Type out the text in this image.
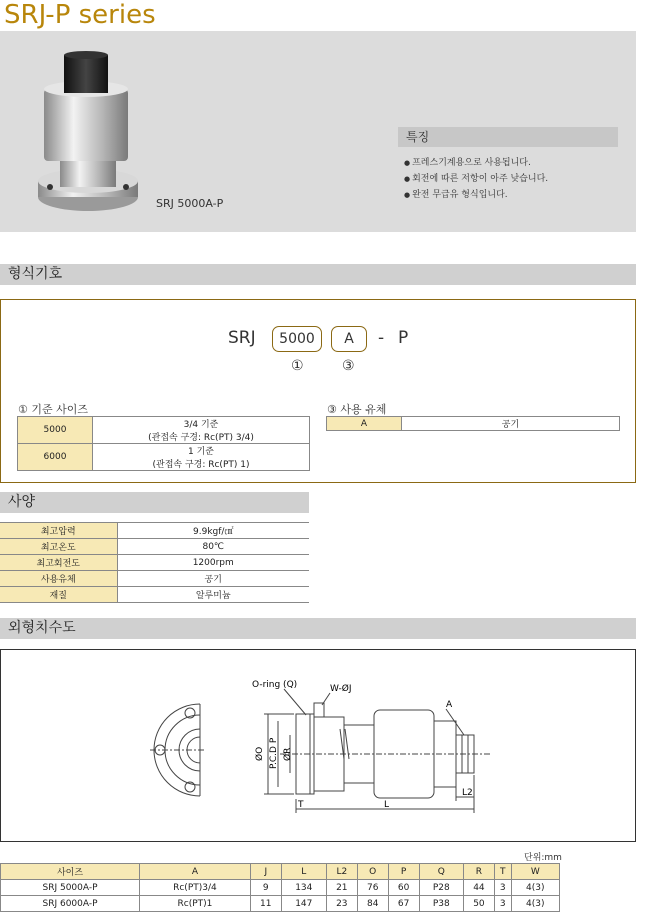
SRJ-P series
SRJ 5000A-P
특징
● 프레스기계용으로 사용됩니다.
● 회전에 따른 저항이 아주 낮습니다.
● 완전 무급유 형식입니다.
형식기호
SRJ	5000	A	- P
①	③
① 기준 사이즈
5000	3/4 기준
(관접속 구경: Rc(PT) 3/4)

6000	1 기준
(관접속 구경: Rc(PT) 1)
③ 사용 유체
A	공기
사양
최고압력	9.9kgf/㎠
최고온도	80℃
최고회전도	1200rpm
사용유체	공기
재질	알루미늄
외형치수도
O-ring (Q)	W-ØJ
A
ØO P.C.D P ØR
T	L
L2
단위:mm
사이즈	A	J	L	L2	O	P	Q	R	T	W
SRJ 5000A-P	Rc(PT)3/4	9	134	21	76	60	P28	44	3	4(3)
SRJ 6000A-P	Rc(PT)1	11	147	23	84	67	P38	50	3	4(3)
